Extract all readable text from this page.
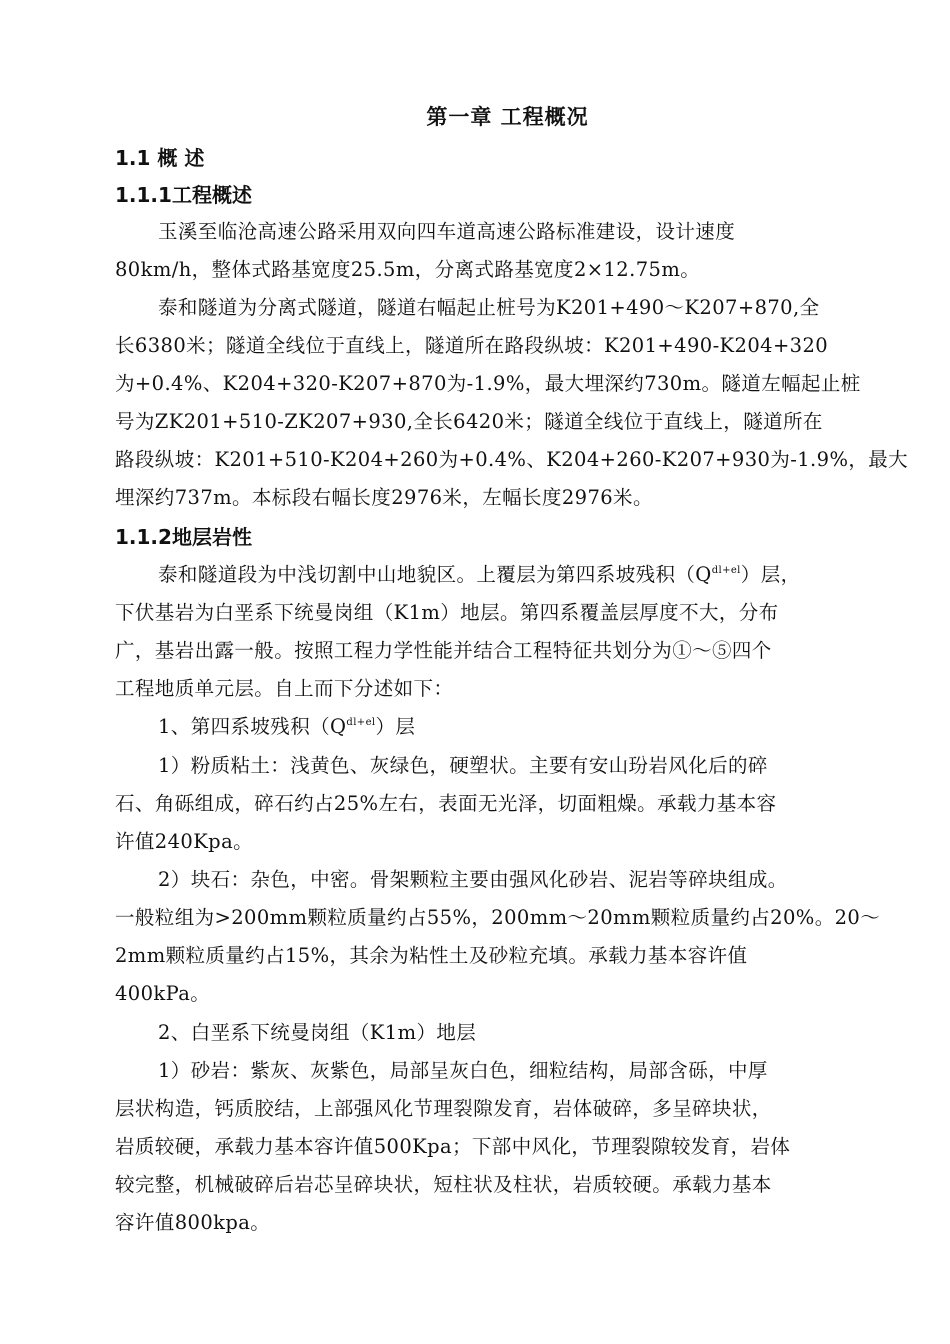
第一章 工程概况
1.1 概 述
1.1.1工程概述
玉溪至临沧高速公路采用双向四车道高速公路标准建设，设计速度
80km/h，整体式路基宽度25.5m，分离式路基宽度2×12.75m。
泰和隧道为分离式隧道，隧道右幅起止桩号为K201+490～K207+870,全
长6380米；隧道全线位于直线上，隧道所在路段纵坡：K201+490-K204+320
为+0.4%、K204+320-K207+870为-1.9%，最大埋深约730m。隧道左幅起止桩
号为ZK201+510-ZK207+930,全长6420米；隧道全线位于直线上，隧道所在
路段纵坡：K201+510-K204+260为+0.4%、K204+260-K207+930为-1.9%，最大
埋深约737m。本标段右幅长度2976米，左幅长度2976米。
1.1.2地层岩性
泰和隧道段为中浅切割中山地貌区。上覆层为第四系坡残积$(Q^{dl+el})$层，
下伏基岩为白垩系下统曼岗组（K1m）地层。第四系覆盖层厚度不大，分布
广，基岩出露一般。按照工程力学性能并结合工程特征共划分为①～⑤四个
工程地质单元层。自上而下分述如下：
1、第四系坡残积$(Q^{dl+el})$层
1）粉质粘土：浅黄色、灰绿色，硬塑状。主要有安山玢岩风化后的碎
石、角砾组成，碎石约占25%左右，表面无光泽，切面粗燥。承载力基本容
许值240Kpa。
2）块石：杂色，中密。骨架颗粒主要由强风化砂岩、泥岩等碎块组成。
一般粒组为>200mm颗粒质量约占55%，200mm～20mm颗粒质量约占20%。20～
2mm颗粒质量约占15%，其余为粘性土及砂粒充填。承载力基本容许值
400kPa。
2、白垩系下统曼岗组（K1m）地层
1）砂岩：紫灰、灰紫色，局部呈灰白色，细粒结构，局部含砾，中厚
层状构造，钙质胶结，上部强风化节理裂隙发育，岩体破碎，多呈碎块状，
岩质较硬，承载力基本容许值500Kpa；下部中风化，节理裂隙较发育，岩体
较完整，机械破碎后岩芯呈碎块状，短柱状及柱状，岩质较硬。承载力基本
容许值800kpa。
